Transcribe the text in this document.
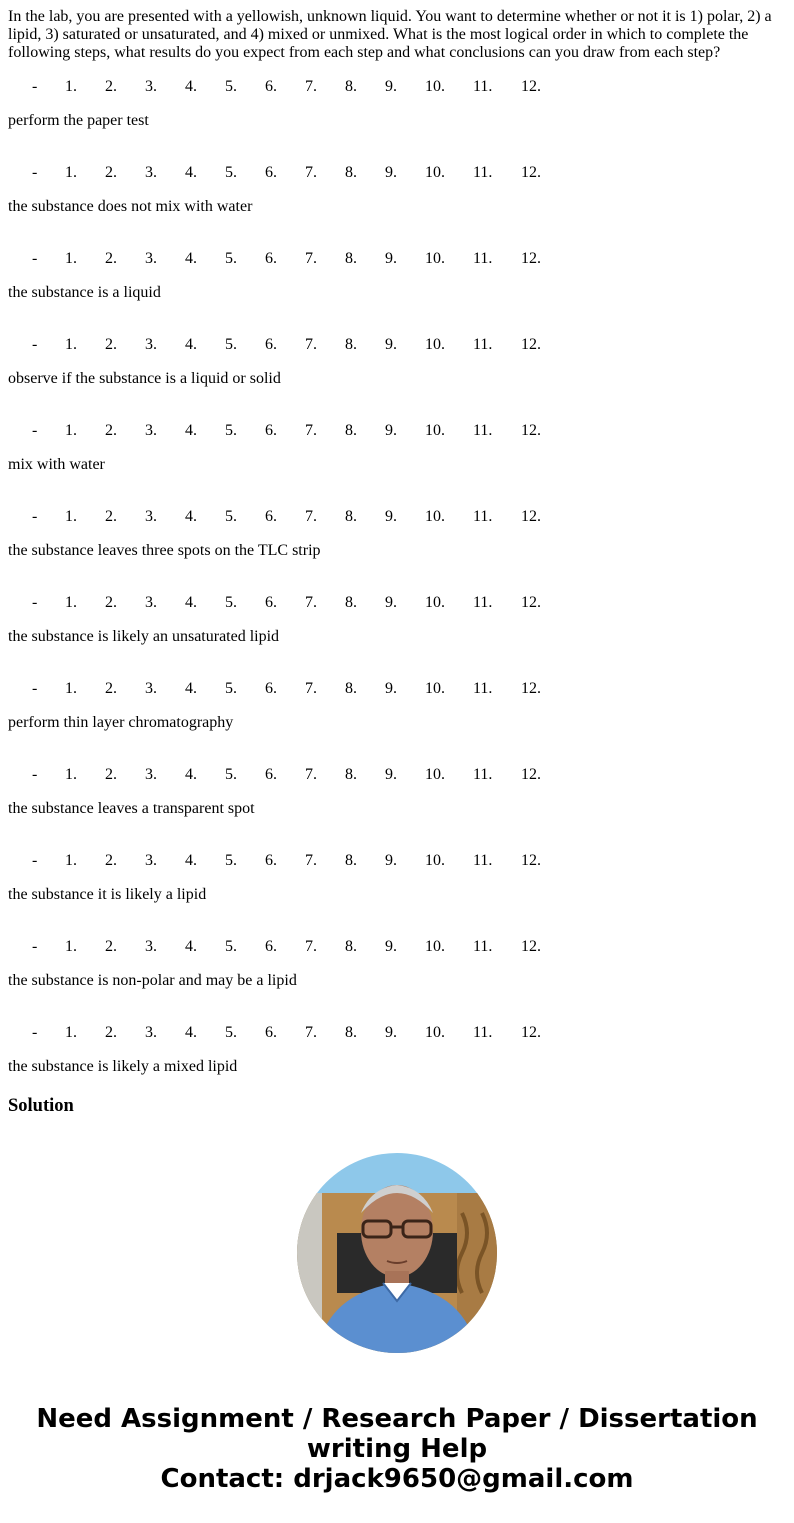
In the lab, you are presented with a yellowish, unknown liquid. You want to determine whether or not it is 1) polar, 2) a lipid, 3) saturated or unsaturated, and 4) mixed or unmixed. What is the most logical order in which to complete the following steps, what results do you expect from each step and what conclusions can you draw from each step?

- 1. 2. 3. 4. 5. 6. 7. 8. 9. 10. 11. 12.

perform the paper test

- 1. 2. 3. 4. 5. 6. 7. 8. 9. 10. 11. 12.

the substance does not mix with water

- 1. 2. 3. 4. 5. 6. 7. 8. 9. 10. 11. 12.

the substance is a liquid

- 1. 2. 3. 4. 5. 6. 7. 8. 9. 10. 11. 12.

observe if the substance is a liquid or solid

- 1. 2. 3. 4. 5. 6. 7. 8. 9. 10. 11. 12.

mix with water

- 1. 2. 3. 4. 5. 6. 7. 8. 9. 10. 11. 12.

the substance leaves three spots on the TLC strip

- 1. 2. 3. 4. 5. 6. 7. 8. 9. 10. 11. 12.

the substance is likely an unsaturated lipid

- 1. 2. 3. 4. 5. 6. 7. 8. 9. 10. 11. 12.

perform thin layer chromatography

- 1. 2. 3. 4. 5. 6. 7. 8. 9. 10. 11. 12.

the substance leaves a transparent spot

- 1. 2. 3. 4. 5. 6. 7. 8. 9. 10. 11. 12.

the substance it is likely a lipid

- 1. 2. 3. 4. 5. 6. 7. 8. 9. 10. 11. 12.

the substance is non-polar and may be a lipid

- 1. 2. 3. 4. 5. 6. 7. 8. 9. 10. 11. 12.

the substance is likely a mixed lipid

Solution

Need Assignment / Research Paper / Dissertation
writing Help
Contact: drjack9650@gmail.com
